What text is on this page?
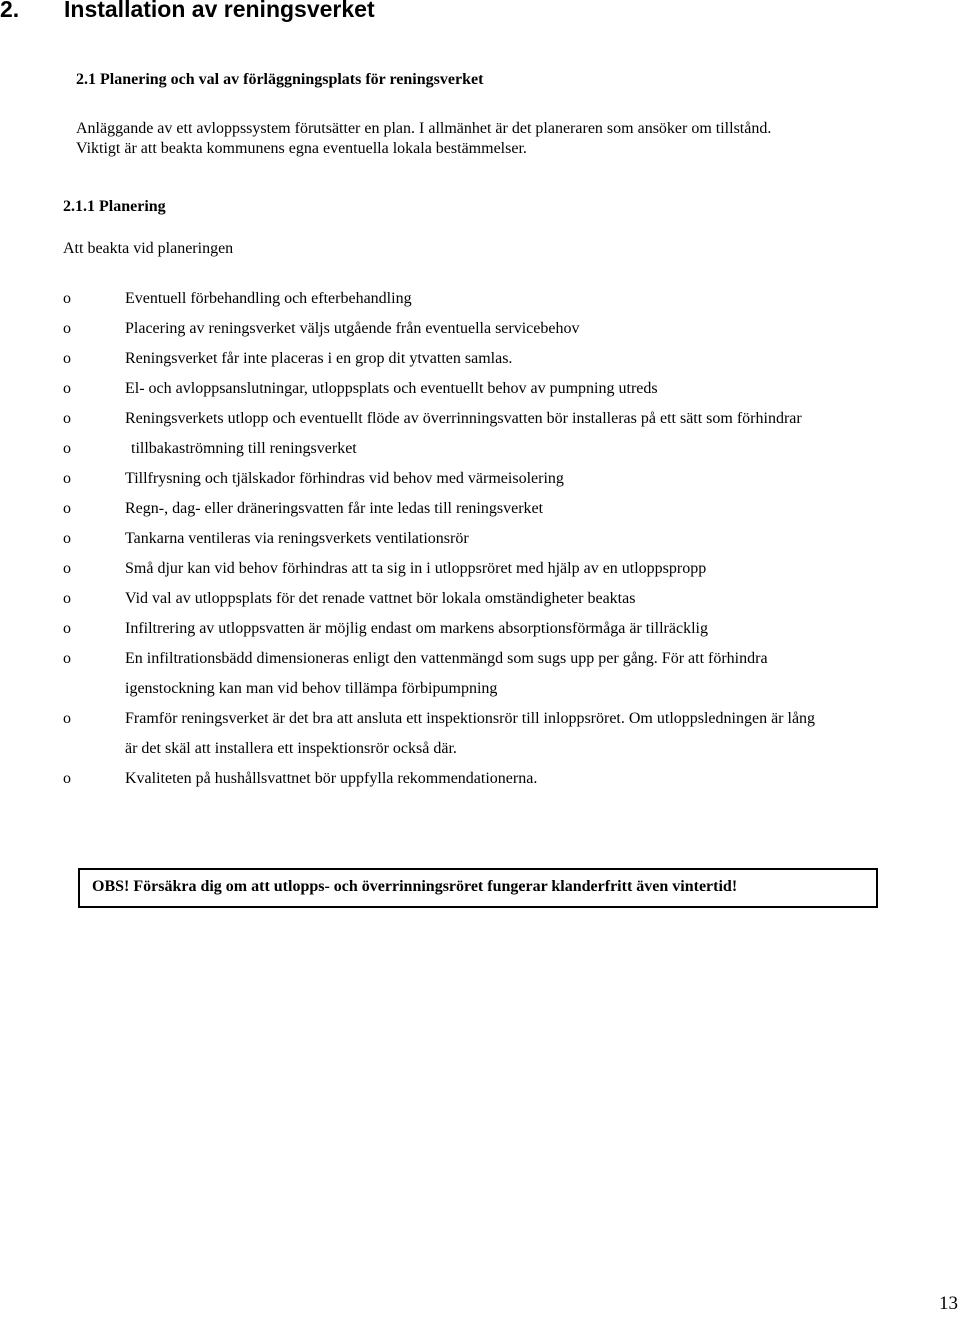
2. Installation av reningsverket
2.1 Planering och val av förläggningsplats för reningsverket
Anläggande av ett avloppssystem förutsätter en plan. I allmänhet är det planeraren som ansöker om tillstånd.
Viktigt är att beakta kommunens egna eventuella lokala bestämmelser.
2.1.1 Planering
Att beakta vid planeringen
o	Eventuell förbehandling och efterbehandling
o	Placering av reningsverket väljs utgående från eventuella servicebehov
o	Reningsverket får inte placeras i en grop dit ytvatten samlas.
o	El- och avloppsanslutningar, utloppsplats och eventuellt behov av pumpning utreds
o	Reningsverkets utlopp och eventuellt flöde av överrinningsvatten bör installeras på ett sätt som förhindrar
o	tillbakaströmning till reningsverket
o	Tillfrysning och tjälskador förhindras vid behov med värmeisolering
o	Regn-, dag- eller dräneringsvatten får inte ledas till reningsverket
o	Tankarna ventileras via reningsverkets ventilationsrör
o	Små djur kan vid behov förhindras att ta sig in i utloppsröret med hjälp av en utloppspropp
o	Vid val av utloppsplats för det renade vattnet bör lokala omständigheter beaktas
o	Infiltrering av utloppsvatten är möjlig endast om markens absorptionsförmåga är tillräcklig
o	En infiltrationsbädd dimensioneras enligt den vattenmängd som sugs upp per gång. För att förhindra
igenstockning kan man vid behov tillämpa förbipumpning
o	Framför reningsverket är det bra att ansluta ett inspektionsrör till inloppsröret. Om utloppsledningen är lång
är det skäl att installera ett inspektionsrör också där.
o	Kvaliteten på hushållsvattnet bör uppfylla rekommendationerna.
OBS! Försäkra dig om att utlopps- och överrinningsröret fungerar klanderfritt även vintertid!
13
